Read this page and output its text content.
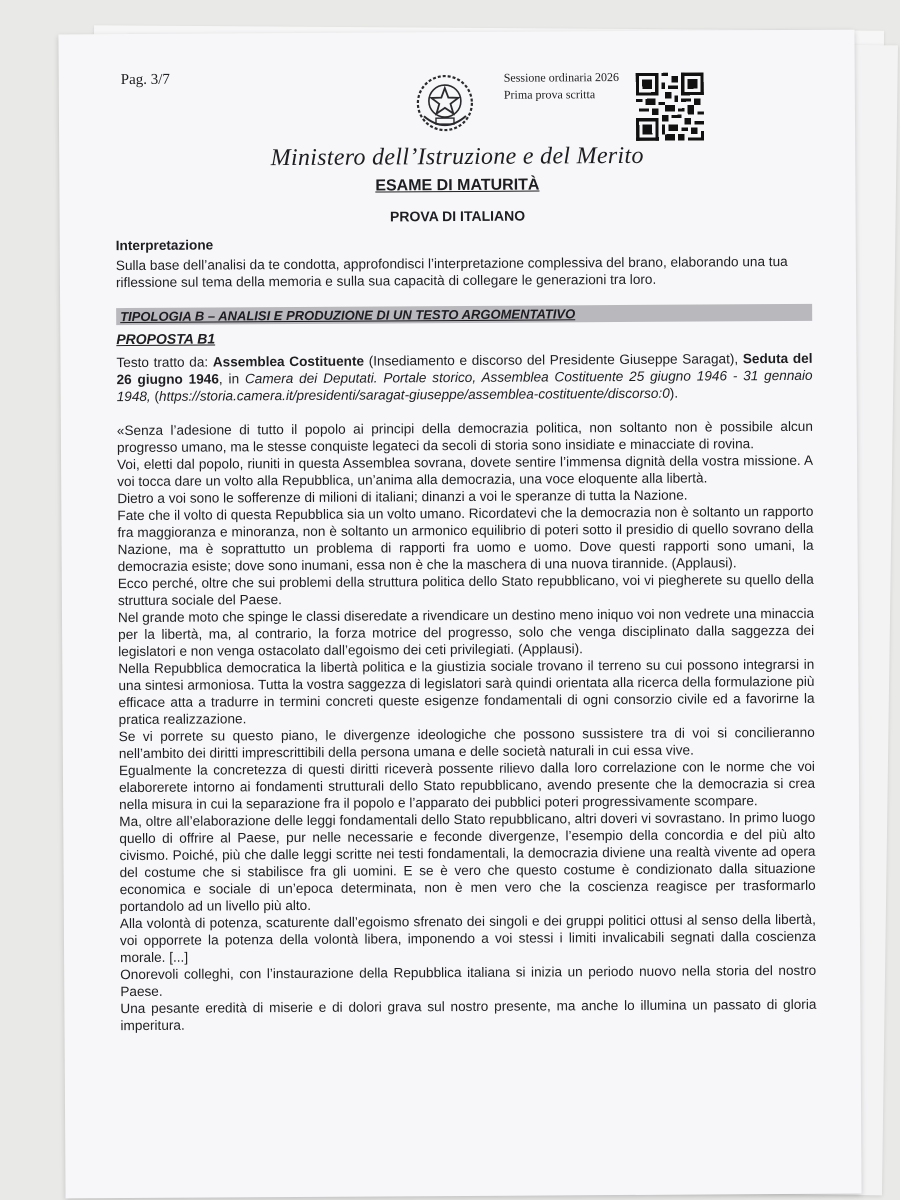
Pag. 3/7	Sessione ordinaria 2026
Prima prova scritta
Ministero dell’Istruzione e del Merito
ESAME DI MATURITÀ
PROVA DI ITALIANO
Interpretazione

Sulla base dell’analisi da te condotta, approfondisci l’interpretazione complessiva del brano, elaborando una tua riflessione sul tema della memoria e sulla sua capacità di collegare le generazioni tra loro.

TIPOLOGIA B – ANALISI E PRODUZIONE DI UN TESTO ARGOMENTATIVO
PROPOSTA B1

Testo tratto da: Assemblea Costituente (Insediamento e discorso del Presidente Giuseppe Saragat), Seduta del 26 giugno 1946, in Camera dei Deputati. Portale storico, Assemblea Costituente 25 giugno 1946 - 31 gennaio 1948, (https://storia.camera.it/presidenti/saragat-giuseppe/assemblea-costituente/discorso:0).

«Senza l’adesione di tutto il popolo ai principi della democrazia politica, non soltanto non è possibile alcun progresso umano, ma le stesse conquiste legateci da secoli di storia sono insidiate e minacciate di rovina.

Voi, eletti dal popolo, riuniti in questa Assemblea sovrana, dovete sentire l’immensa dignità della vostra missione. A voi tocca dare un volto alla Repubblica, un’anima alla democrazia, una voce eloquente alla libertà.

Dietro a voi sono le sofferenze di milioni di italiani; dinanzi a voi le speranze di tutta la Nazione.

Fate che il volto di questa Repubblica sia un volto umano. Ricordatevi che la democrazia non è soltanto un rapporto fra maggioranza e minoranza, non è soltanto un armonico equilibrio di poteri sotto il presidio di quello sovrano della Nazione, ma è soprattutto un problema di rapporti fra uomo e uomo. Dove questi rapporti sono umani, la democrazia esiste; dove sono inumani, essa non è che la maschera di una nuova tirannide. (Applausi).

Ecco perché, oltre che sui problemi della struttura politica dello Stato repubblicano, voi vi piegherete su quello della struttura sociale del Paese.

Nel grande moto che spinge le classi diseredate a rivendicare un destino meno iniquo voi non vedrete una minaccia per la libertà, ma, al contrario, la forza motrice del progresso, solo che venga disciplinato dalla saggezza dei legislatori e non venga ostacolato dall’egoismo dei ceti privilegiati. (Applausi).

Nella Repubblica democratica la libertà politica e la giustizia sociale trovano il terreno su cui possono integrarsi in una sintesi armoniosa. Tutta la vostra saggezza di legislatori sarà quindi orientata alla ricerca della formulazione più efficace atta a tradurre in termini concreti queste esigenze fondamentali di ogni consorzio civile ed a favorirne la pratica realizzazione.

Se vi porrete su questo piano, le divergenze ideologiche che possono sussistere tra di voi si concilieranno nell’ambito dei diritti imprescrittibili della persona umana e delle società naturali in cui essa vive.

Egualmente la concretezza di questi diritti riceverà possente rilievo dalla loro correlazione con le norme che voi elaborerete intorno ai fondamenti strutturali dello Stato repubblicano, avendo presente che la democrazia si crea nella misura in cui la separazione fra il popolo e l’apparato dei pubblici poteri progressivamente scompare.

Ma, oltre all’elaborazione delle leggi fondamentali dello Stato repubblicano, altri doveri vi sovrastano. In primo luogo quello di offrire al Paese, pur nelle necessarie e feconde divergenze, l’esempio della concordia e del più alto civismo. Poiché, più che dalle leggi scritte nei testi fondamentali, la democrazia diviene una realtà vivente ad opera del costume che si stabilisce fra gli uomini. E se è vero che questo costume è condizionato dalla situazione economica e sociale di un’epoca determinata, non è men vero che la coscienza reagisce per trasformarlo portandolo ad un livello più alto.

Alla volontà di potenza, scaturente dall’egoismo sfrenato dei singoli e dei gruppi politici ottusi al senso della libertà, voi opporrete la potenza della volontà libera, imponendo a voi stessi i limiti invalicabili segnati dalla coscienza morale. [...]

Onorevoli colleghi, con l’instaurazione della Repubblica italiana si inizia un periodo nuovo nella storia del nostro Paese.

Una pesante eredità di miserie e di dolori grava sul nostro presente, ma anche lo illumina un passato di gloria imperitura.
